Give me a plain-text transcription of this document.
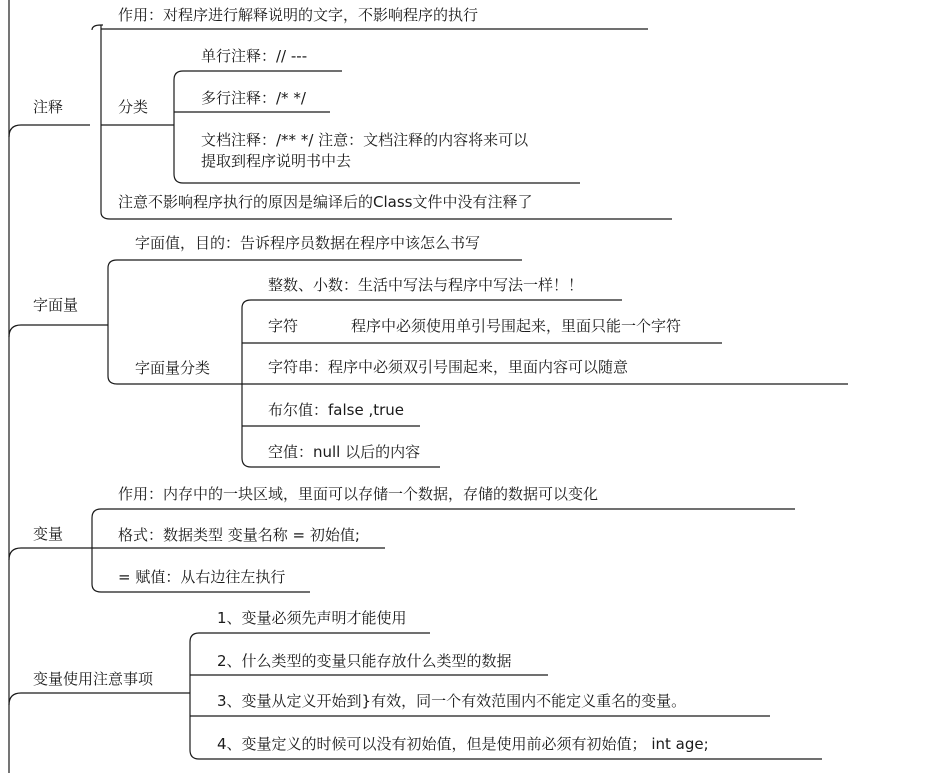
注释
作用：对程序进行解释说明的文字，不影响程序的执行
分类
单行注释：// ---
多行注释：/* */
文档注释：/** */ 注意：文档注释的内容将来可以
提取到程序说明书中去
注意不影响程序执行的原因是编译后的Class文件中没有注释了
字面量
字面值，目的：告诉程序员数据在程序中该怎么书写
字面量分类
整数、小数：生活中写法与程序中写法一样！！
字符	程序中必须使用单引号围起来，里面只能一个字符
字符串：程序中必须双引号围起来，里面内容可以随意
布尔值：false ,true
空值：null 以后的内容
变量
作用：内存中的一块区域，里面可以存储一个数据，存储的数据可以变化
格式：数据类型 变量名称 = 初始值;
= 赋值：从右边往左执行
变量使用注意事项
1、变量必须先声明才能使用
2、什么类型的变量只能存放什么类型的数据
3、变量从定义开始到}有效，同一个有效范围内不能定义重名的变量。
4、变量定义的时候可以没有初始值，但是使用前必须有初始值； int age;
